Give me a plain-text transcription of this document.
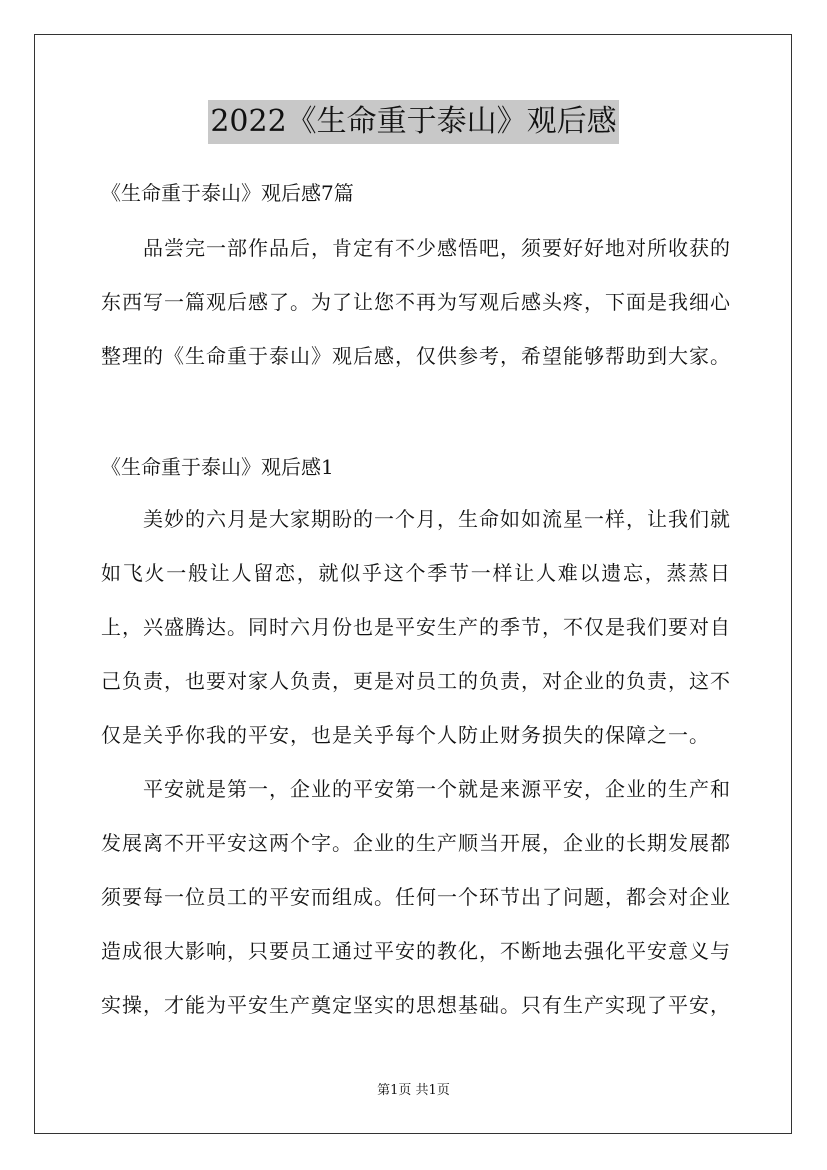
2022《生命重于泰山》观后感
《生命重于泰山》观后感7篇

品尝完一部作品后，肯定有不少感悟吧，须要好好地对所收获的东西写一篇观后感了。为了让您不再为写观后感头疼，下面是我细心整理的《生命重于泰山》观后感，仅供参考，希望能够帮助到大家。

《生命重于泰山》观后感1

美妙的六月是大家期盼的一个月，生命如如流星一样，让我们就如飞火一般让人留恋，就似乎这个季节一样让人难以遗忘，蒸蒸日上，兴盛腾达。同时六月份也是平安生产的季节，不仅是我们要对自己负责，也要对家人负责，更是对员工的负责，对企业的负责，这不仅是关乎你我的平安，也是关乎每个人防止财务损失的保障之一。

平安就是第一，企业的平安第一个就是来源平安，企业的生产和发展离不开平安这两个字。企业的生产顺当开展，企业的长期发展都须要每一位员工的平安而组成。任何一个环节出了问题，都会对企业造成很大影响，只要员工通过平安的教化，不断地去强化平安意义与实操，才能为平安生产奠定坚实的思想基础。只有生产实现了平安，

第1页 共1页
